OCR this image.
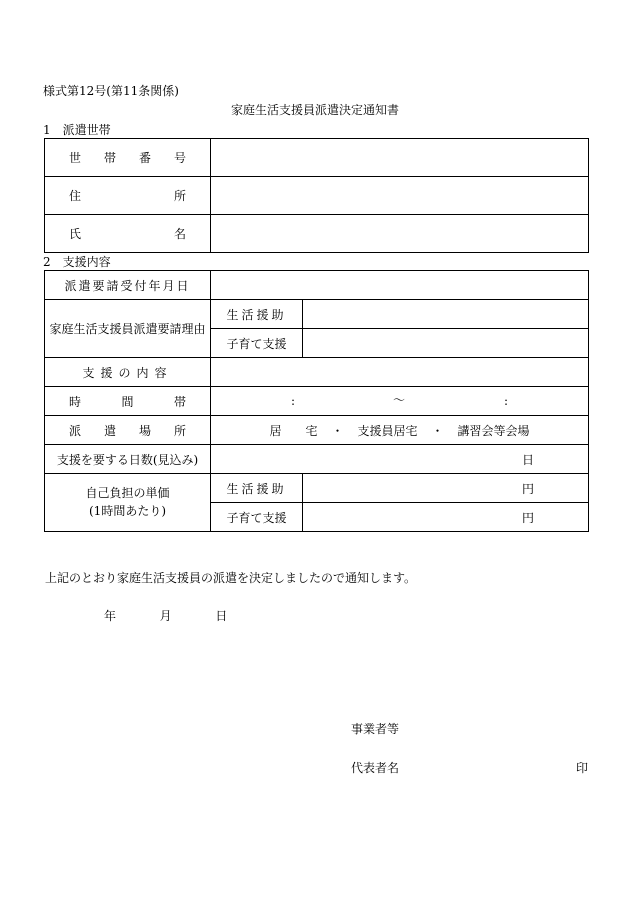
様式第12号(第11条関係)
家庭生活支援員派遣決定通知書
1　派遣世帯
世 帯 番 号	

住 所	

氏 名	

2　支援内容
派遣要請受付年月日		
家庭生活支援員派遣要請理由	生活援助	
	子育て支援	
支援の内容		

時 間 帯	: ～ :	

派 遣 場 所	居　　宅 ・ 支援員居宅 ・ 講習会等会場	

支援を要する日数(見込み)	日	

自己負担の単価
(1時間あたり)	生活援助	円
	子育て支援	円
上記のとおり家庭生活支援員の派遣を決定しましたので通知します。
年	月	日
事業者等
代表者名	印
